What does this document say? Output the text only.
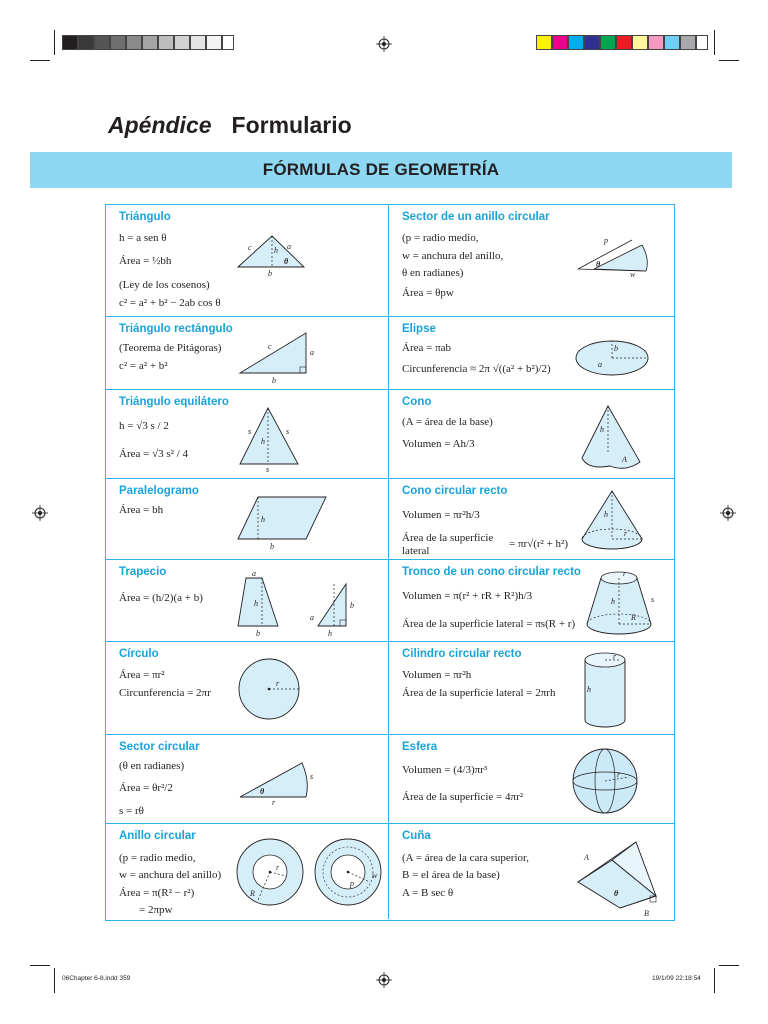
Apéndice Formulario
FÓRMULAS DE GEOMETRÍA
Triángulo
h = a sen θ
Área = ½bh
(Ley de los cosenos)
c² = a² + b² − 2ab cos θ
c	h a
b
θ
Sector de un anillo circular
(p = radio medio,
w = anchura del anillo,
θ en radianes)
Área = θpw
p
w
θ
Triángulo rectángulo
(Teorema de Pitágoras)
c² = a² + b²
c
a
b
Elipse
Área = πab
Circunferencia ≈ 2π √((a² + b²)/2)
b
a
Triángulo equilátero
h = √3 s / 2
Área = √3 s² / 4
s	s
h
s
Cono
(A = área de la base)
Volumen = Ah/3
h
A
Paralelogramo
Área = bh
h
b
Cono circular recto
Volumen = πr²h/3
Área de la superficie
lateral
= πr√(r² + h²)
h
r
Trapecio
Área = (h/2)(a + b)
a
h
b
a
b
h
Tronco de un cono circular recto
Volumen = π(r² + rR + R²)h/3
Área de la superficie lateral = πs(R + r)
r
h
R
s
Círculo
Área = πr²
Circunferencia = 2πr
r
Cilindro circular recto
Volumen = πr²h
Área de la superficie lateral = 2πrh
r
h
Sector circular
(θ en radianes)
Área = θr²/2
s = rθ
r
s
θ
Esfera
Volumen = (4/3)πr³
Área de la superficie = 4πr²
r
Anillo circular
(p = radio medio,
w = anchura del anillo)
Área = π(R² − r²)
= 2πpw
r
R
p
w
Cuña
(A = área de la cara superior,
B = el área de la base)
A = B sec θ
A
B
θ
06Chapter 6-8.indd 359	19/1/09 22:18:54
